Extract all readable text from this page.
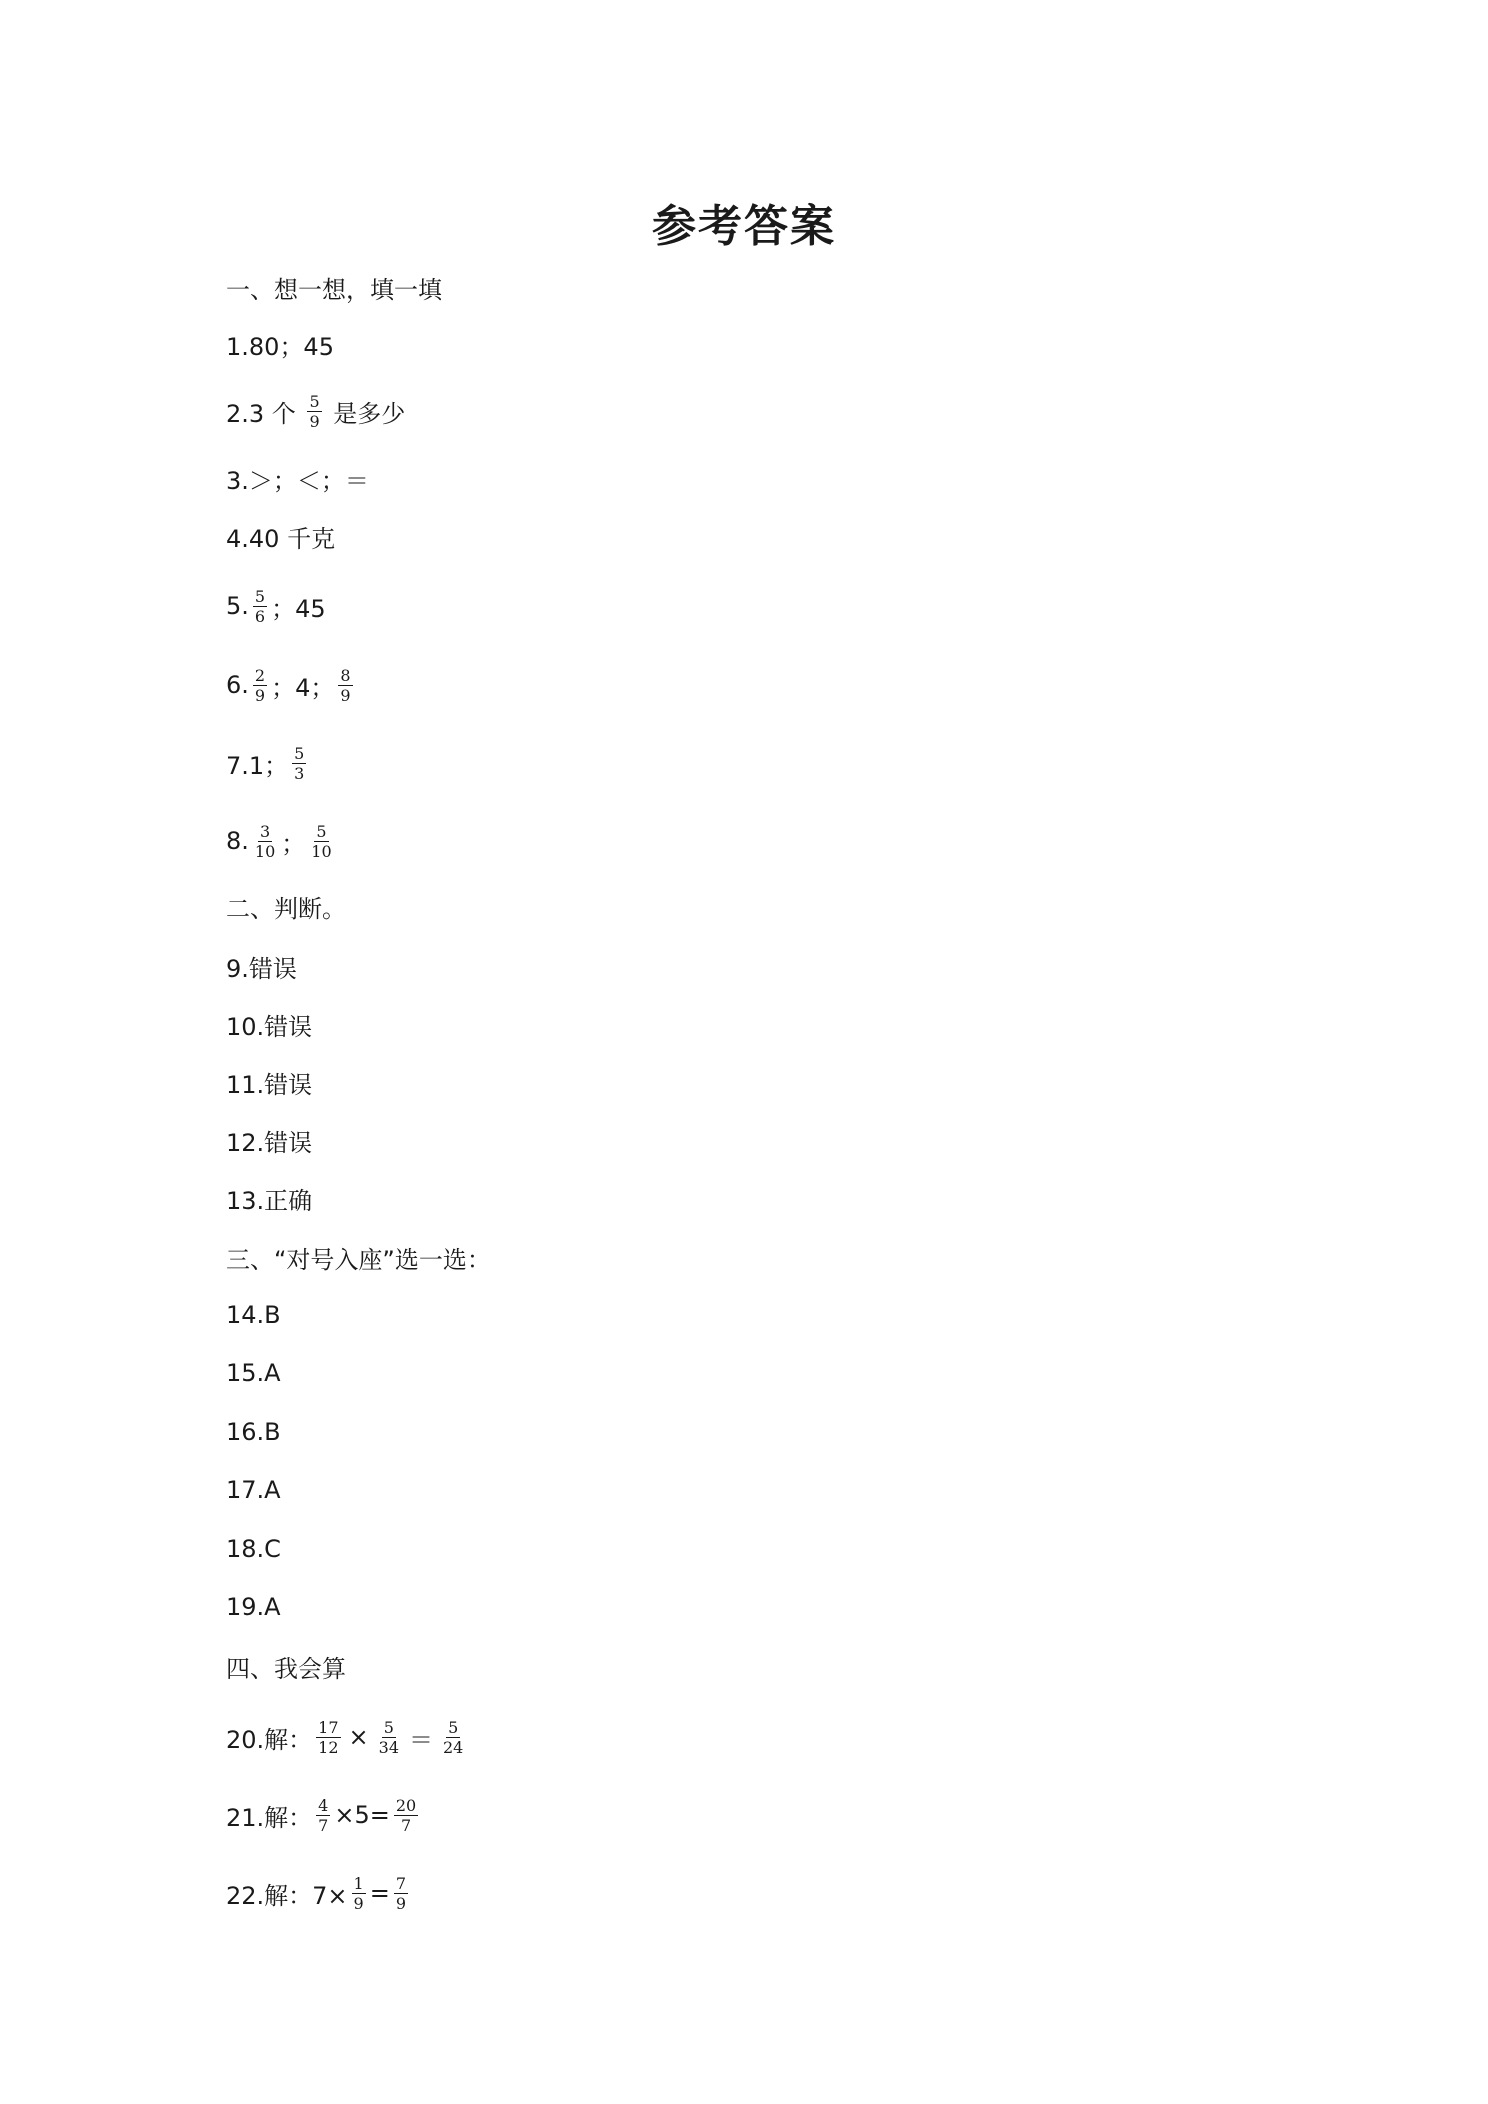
参考答案
一、想一想，填一填
1.80；45
2.3 个 $\frac{5}{9}$ 是多少
3.＞；＜；＝
4.40 千克
5. $\frac{5}{6}$ ；45
6. $\frac{2}{9}$ ；4； $\frac{8}{9}$
7.1； $\frac{5}{3}$
8. $\frac{3}{10}$ ； $\frac{5}{10}$
二、判断。
9.错误
10.错误
11.错误
12.错误
13.正确
三、“对号入座”选一选：
14.B
15.A
16.B
17.A
18.C
19.A
四、我会算
20.解： $\frac{17}{12} \times \frac{5}{34} = \frac{5}{24}$
21.解： $\frac{4}{7} \times 5= \frac{20}{7}$
22.解：$7\times \frac{1}{9} = \frac{7}{9}$
